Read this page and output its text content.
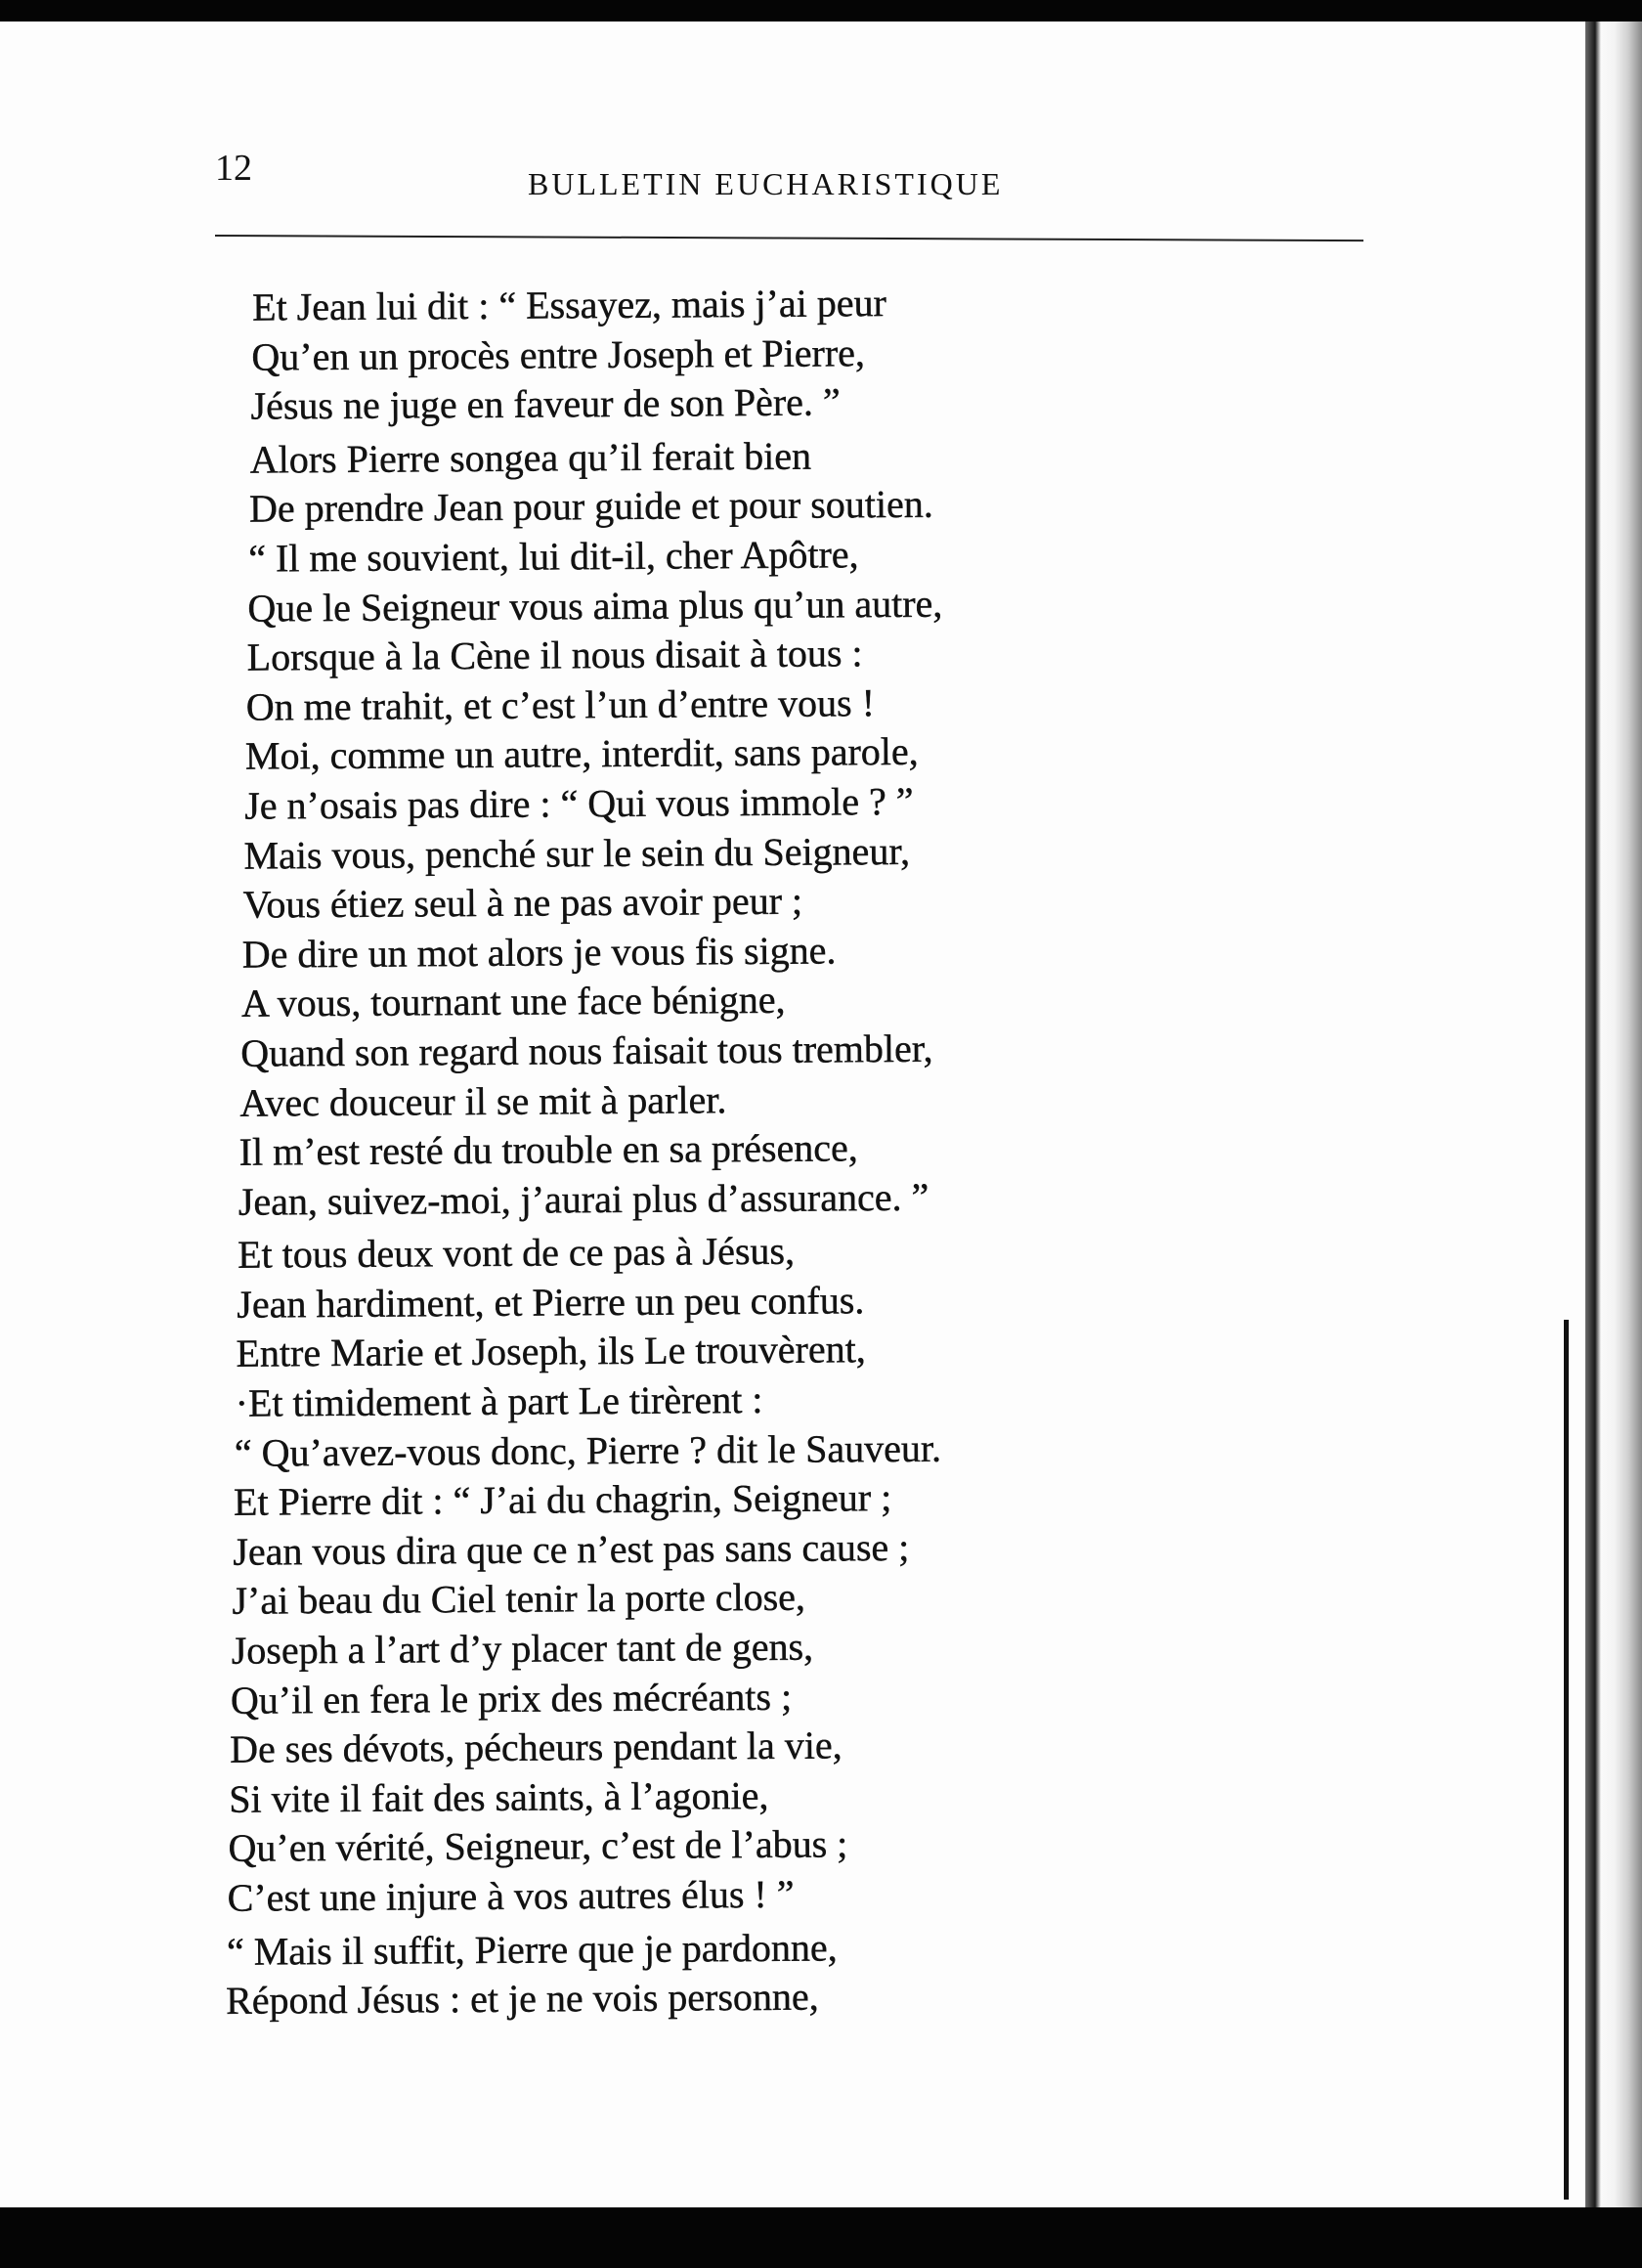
12	BULLETIN EUCHARISTIQUE
Et Jean lui dit : “ Essayez, mais j’ai peur
Qu’en un procès entre Joseph et Pierre,
Jésus ne juge en faveur de son Père. ”
Alors Pierre songea qu’il ferait bien
De prendre Jean pour guide et pour soutien.
“ Il me souvient, lui dit-il, cher Apôtre,
Que le Seigneur vous aima plus qu’un autre,
Lorsque à la Cène il nous disait à tous :
On me trahit, et c’est l’un d’entre vous !
Moi, comme un autre, interdit, sans parole,
Je n’osais pas dire : “ Qui vous immole ? ”
Mais vous, penché sur le sein du Seigneur,
Vous étiez seul à ne pas avoir peur ;
De dire un mot alors je vous fis signe.
A vous, tournant une face bénigne,
Quand son regard nous faisait tous trembler,
Avec douceur il se mit à parler.
Il m’est resté du trouble en sa présence,
Jean, suivez-moi, j’aurai plus d’assurance. ”
Et tous deux vont de ce pas à Jésus,
Jean hardiment, et Pierre un peu confus.
Entre Marie et Joseph, ils Le trouvèrent,
·Et timidement à part Le tirèrent :
“ Qu’avez-vous donc, Pierre ? dit le Sauveur.
Et Pierre dit : “ J’ai du chagrin, Seigneur ;
Jean vous dira que ce n’est pas sans cause ;
J’ai beau du Ciel tenir la porte close,
Joseph a l’art d’y placer tant de gens,
Qu’il en fera le prix des mécréants ;
De ses dévots, pécheurs pendant la vie,
Si vite il fait des saints, à l’agonie,
Qu’en vérité, Seigneur, c’est de l’abus ;
C’est une injure à vos autres élus ! ”
“ Mais il suffit, Pierre que je pardonne,
Répond Jésus : et je ne vois personne,
